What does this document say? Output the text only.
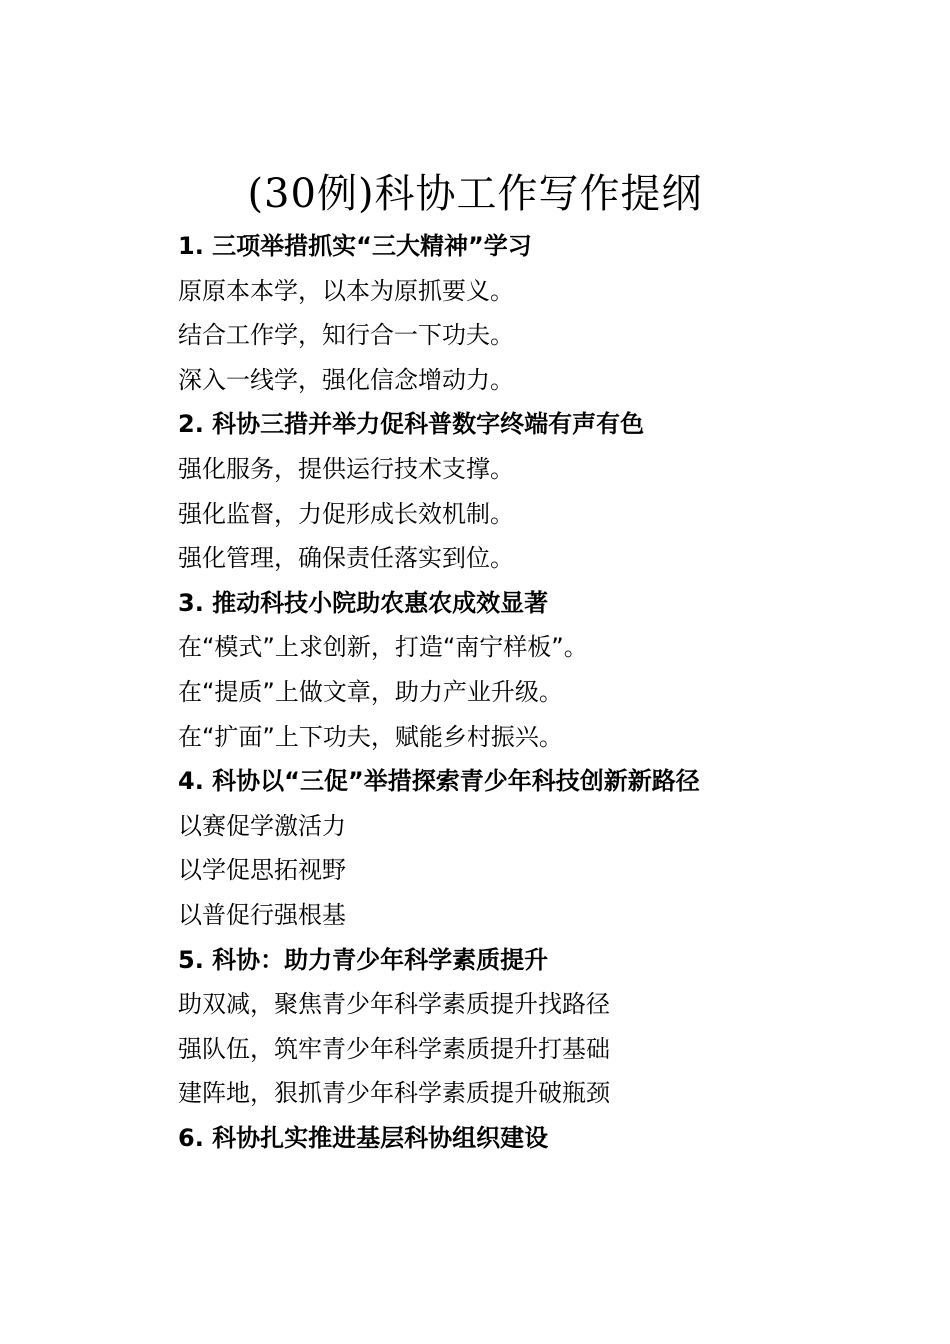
(30例)科协工作写作提纲
1. 三项举措抓实“三大精神”学习
原原本本学，以本为原抓要义。
结合工作学，知行合一下功夫。
深入一线学，强化信念增动力。
2. 科协三措并举力促科普数字终端有声有色
强化服务，提供运行技术支撑。
强化监督，力促形成长效机制。
强化管理，确保责任落实到位。
3. 推动科技小院助农惠农成效显著
在“模式”上求创新，打造“南宁样板”。
在“提质”上做文章，助力产业升级。
在“扩面”上下功夫，赋能乡村振兴。
4. 科协以“三促”举措探索青少年科技创新新路径
以赛促学激活力
以学促思拓视野
以普促行强根基
5. 科协：助力青少年科学素质提升
助双减，聚焦青少年科学素质提升找路径
强队伍，筑牢青少年科学素质提升打基础
建阵地，狠抓青少年科学素质提升破瓶颈
6. 科协扎实推进基层科协组织建设
